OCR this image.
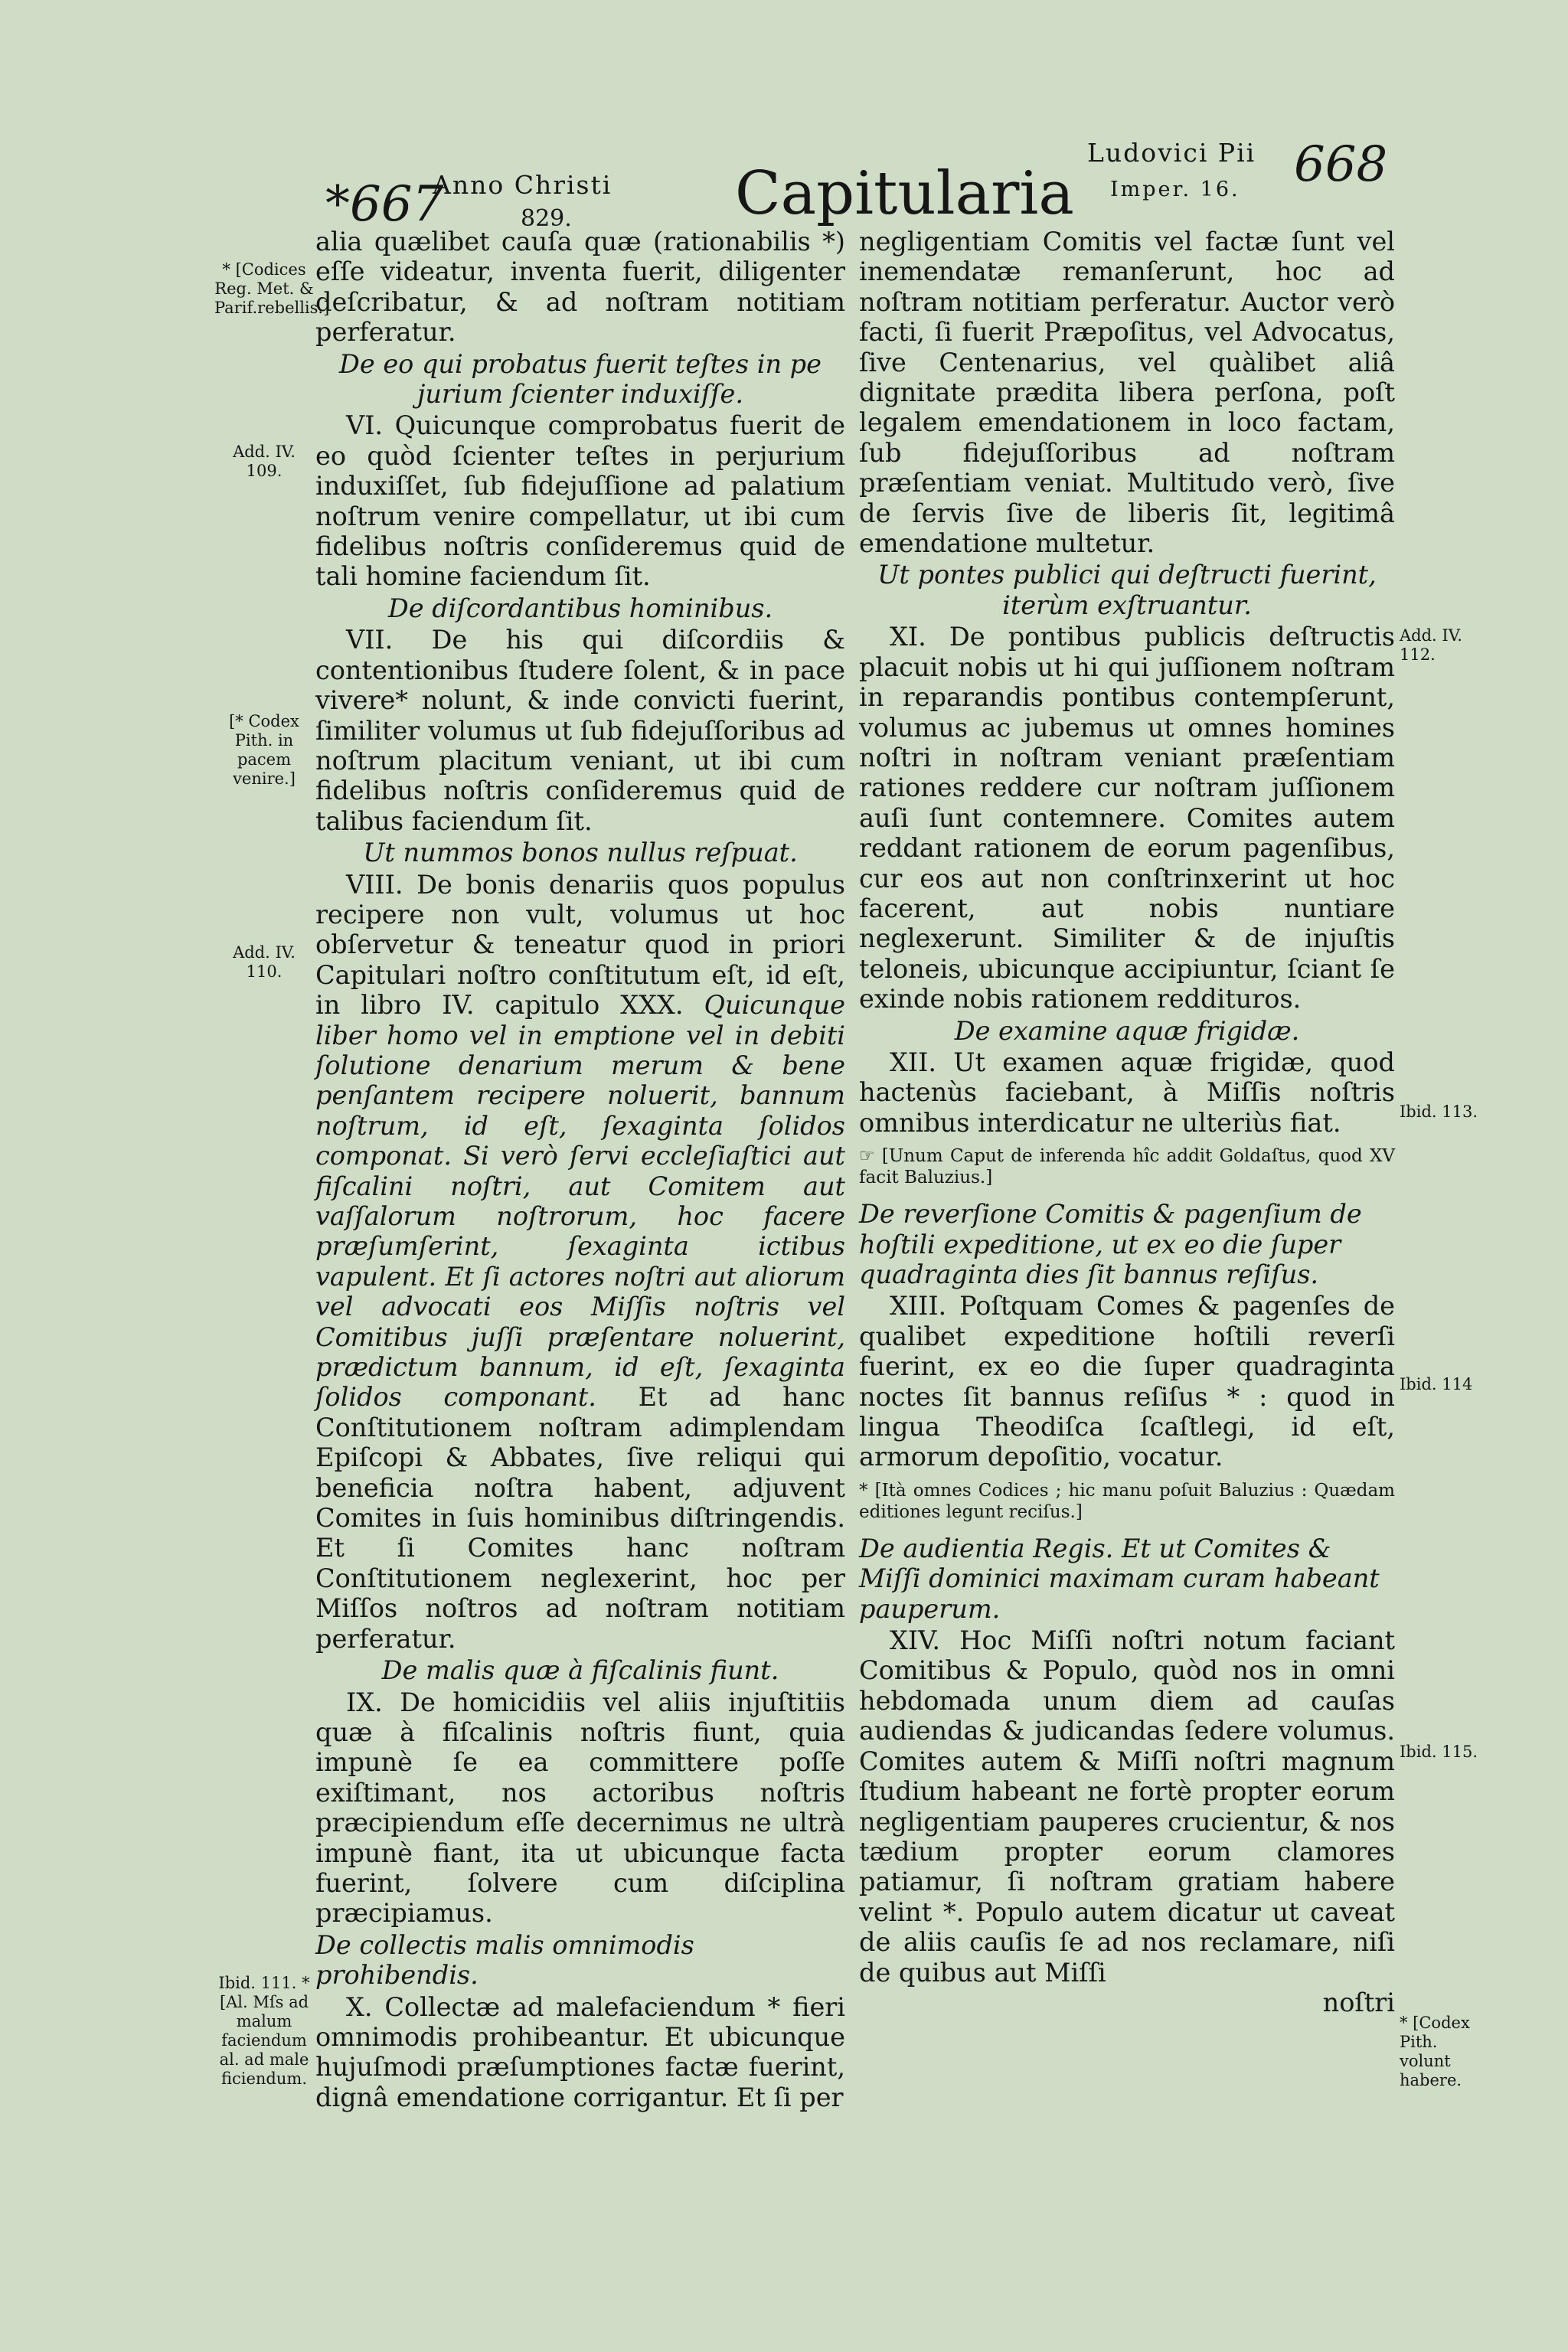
*667
Anno Christi
829.	Capitularia
Ludovici Pii
Imper. 16. 668
* [Codices Reg. Met. & Parif.rebellis.]
Add. IV. 109.
[* Codex Pith. in pacem venire.]
Add. IV. 110.
Ibid. 111. *[Al. Mſs ad malum faciendum al. ad male ficiendum.
Add. IV. 112.
Ibid. 113.
Ibid. 114
Ibid. 115.
* [Codex Pith. volunt habere.

alia quælibet cauſa quæ (rationabilis *) eſſe videatur, inventa fuerit, diligenter deſcribatur, & ad noſtram notitiam perferatur.

De eo qui probatus fuerit teſtes in pe jurium ſcienter induxiſſe.

VI. Quicunque comprobatus fuerit de eo quòd ſcienter teſtes in perjurium induxiſſet, ſub fidejuſſione ad palatium noſtrum venire compellatur, ut ibi cum fidelibus noſtris conſideremus quid de tali homine faciendum ſit.

De diſcordantibus hominibus.

VII. De his qui diſcordiis & contentionibus ſtudere ſolent, & in pace vivere* nolunt, & inde convicti fuerint, ſimiliter volumus ut ſub fidejuſſoribus ad noſtrum placitum veniant, ut ibi cum fidelibus noſtris conſideremus quid de talibus faciendum ſit.

Ut nummos bonos nullus reſpuat.

VIII. De bonis denariis quos populus recipere non vult, volumus ut hoc obſervetur & teneatur quod in priori Capitulari noſtro conſtitutum eſt, id eſt, in libro IV. capitulo XXX. Quicunque liber homo vel in emptione vel in debiti ſolutione denarium merum & bene penſantem recipere noluerit, bannum noſtrum, id eſt, ſexaginta ſolidos componat. Si verò ſervi eccleſiaſtici aut fiſcalini noſtri, aut Comitem aut vaſſalorum noſtrorum, hoc facere præſumſerint, ſexaginta ictibus vapulent. Et ſi actores noſtri aut aliorum vel advocati eos Miſſis noſtris vel Comitibus juſſi præſentare noluerint, prædictum bannum, id eſt, ſexaginta ſolidos componant. Et ad hanc Conſtitutionem noſtram adimplendam Epiſcopi & Abbates, ſive reliqui qui beneficia noſtra habent, adjuvent Comites in ſuis hominibus diſtringendis. Et ſi Comites hanc noſtram Conſtitutionem neglexerint, hoc per Miſſos noſtros ad noſtram notitiam perferatur.

De malis quæ à fiſcalinis fiunt.

IX. De homicidiis vel aliis injuſtitiis quæ à fiſcalinis noſtris fiunt, quia impunè ſe ea committere poſſe exiſtimant, nos actoribus noſtris præcipiendum eſſe decernimus ne ultrà impunè fiant, ita ut ubicunque facta fuerint, ſolvere cum diſciplina præcipiamus.

De collectis malis omnimodis prohibendis.

X. Collectæ ad malefaciendum * fieri omnimodis prohibeantur. Et ubicunque hujuſmodi præſumptiones factæ fuerint, dignâ emendatione corrigantur. Et ſi per

negligentiam Comitis vel factæ ſunt vel inemendatæ remanſerunt, hoc ad noſtram notitiam perferatur. Auctor verò facti, ſi fuerit Præpoſitus, vel Advocatus, ſive Centenarius, vel quàlibet aliâ dignitate prædita libera perſona, poſt legalem emendationem in loco factam, ſub fidejuſſoribus ad noſtram præſentiam veniat. Multitudo verò, ſive de ſervis ſive de liberis ſit, legitimâ emendatione multetur.

Ut pontes publici qui deſtructi fuerint, iterùm exſtruantur.

XI. De pontibus publicis deſtructis placuit nobis ut hi qui juſſionem noſtram in reparandis pontibus contempſerunt, volumus ac jubemus ut omnes homines noſtri in noſtram veniant præſentiam rationes reddere cur noſtram juſſionem auſi ſunt contemnere. Comites autem reddant rationem de eorum pagenſibus, cur eos aut non conſtrinxerint ut hoc facerent, aut nobis nuntiare neglexerunt. Similiter & de injuſtis teloneis, ubicunque accipiuntur, ſciant ſe exinde nobis rationem reddituros.

De examine aquæ frigidæ.

XII. Ut examen aquæ frigidæ, quod hactenùs faciebant, à Miſſis noſtris omnibus interdicatur ne ulteriùs fiat.

☞ [Unum Caput de inferenda hîc addit Goldaſtus, quod XV facit Baluzius.]

De reverſione Comitis & pagenſium de hoſtili expeditione, ut ex eo die ſuper quadraginta dies ſit bannus reſiſus.

XIII. Poſtquam Comes & pagenſes de qualibet expeditione hoſtili reverſi fuerint, ex eo die ſuper quadraginta noctes ſit bannus reſiſus * : quod in lingua Theodiſca ſcaſtlegi, id eſt, armorum depoſitio, vocatur.

* [Ità omnes Codices ; hic manu poſuit Baluzius : Quædam editiones legunt reciſus.]

De audientia Regis. Et ut Comites & Miſſi dominici maximam curam habeant pauperum.

XIV. Hoc Miſſi noſtri notum faciant Comitibus & Populo, quòd nos in omni hebdomada unum diem ad cauſas audiendas & judicandas ſedere volumus. Comites autem & Miſſi noſtri magnum ſtudium habeant ne fortè propter eorum negligentiam pauperes crucientur, & nos tædium propter eorum clamores patiamur, ſi noſtram gratiam habere velint *. Populo autem dicatur ut caveat de aliis cauſis ſe ad nos reclamare, niſi de quibus aut Miſſi

noſtri
